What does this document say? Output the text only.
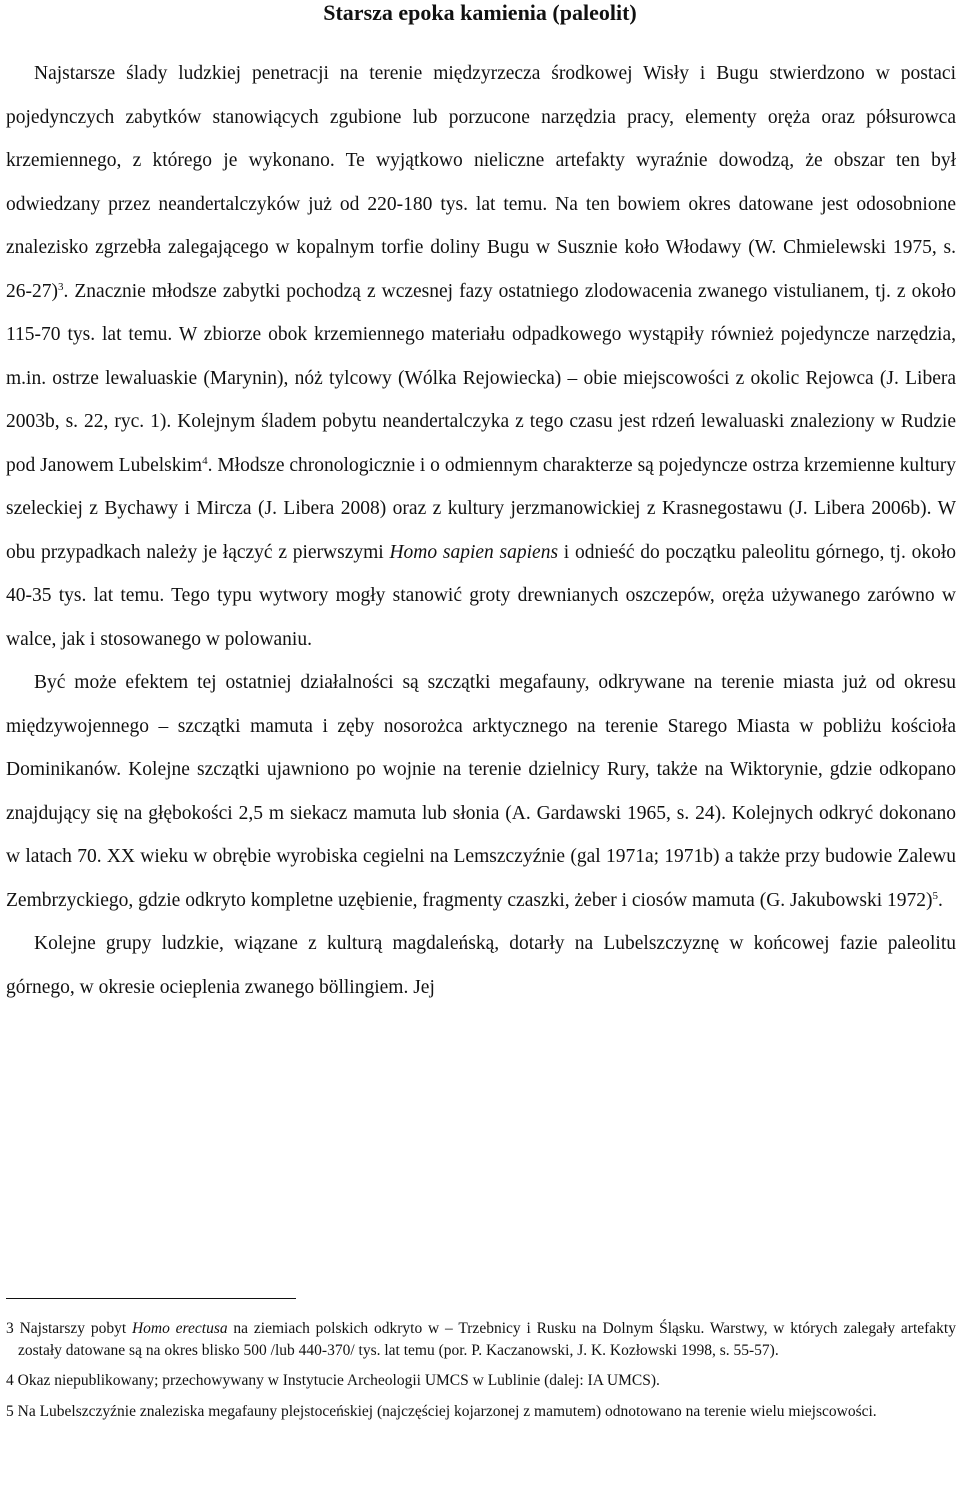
Starsza epoka kamienia (paleolit)

Najstarsze ślady ludzkiej penetracji na terenie międzyrzecza środkowej Wisły i Bugu stwierdzono w postaci pojedynczych zabytków stanowiących zgubione lub porzucone narzędzia pracy, elementy oręża oraz półsurowca krzemiennego, z którego je wykonano. Te wyjątkowo nieliczne artefakty wyraźnie dowodzą, że obszar ten był odwiedzany przez neandertalczyków już od 220-180 tys. lat temu. Na ten bowiem okres datowane jest odosobnione znalezisko zgrzebła zalegającego w kopalnym torfie doliny Bugu w Susznie koło Włodawy (W. Chmielewski 1975, s. 26-27)$^3$. Znacznie młodsze zabytki pochodzą z wczesnej fazy ostatniego zlodowacenia zwanego vistulianem, tj. z około 115-70 tys. lat temu. W zbiorze obok krzemiennego materiału odpadkowego wystąpiły również pojedyncze narzędzia, m.in. ostrze lewaluaskie (Marynin), nóż tylcowy (Wólka Rejowiecka) – obie miejscowości z okolic Rejowca (J. Libera 2003b, s. 22, ryc. 1). Kolejnym śladem pobytu neandertalczyka z tego czasu jest rdzeń lewaluaski znaleziony w Rudzie pod Janowem Lubelskim$^4$. Młodsze chronologicznie i o odmiennym charakterze są pojedyncze ostrza krzemienne kultury szeleckiej z Bychawy i Mircza (J. Libera 2008) oraz z kultury jerzmanowickiej z Krasnegostawu (J. Libera 2006b). W obu przypadkach należy je łączyć z pierwszymi Homo sapien sapiens i odnieść do początku paleolitu górnego, tj. około 40-35 tys. lat temu. Tego typu wytwory mogły stanowić groty drewnianych oszczepów, oręża używanego zarówno w walce, jak i stosowanego w polowaniu.

Być może efektem tej ostatniej działalności są szczątki megafauny, odkrywane na terenie miasta już od okresu międzywojennego – szczątki mamuta i zęby nosorożca arktycznego na terenie Starego Miasta w pobliżu kościoła Dominikanów. Kolejne szczątki ujawniono po wojnie na terenie dzielnicy Rury, także na Wiktorynie, gdzie odkopano znajdujący się na głębokości 2,5 m siekacz mamuta lub słonia (A. Gardawski 1965, s. 24). Kolejnych odkryć dokonano w latach 70. XX wieku w obrębie wyrobiska cegielni na Lemszczyźnie (gal 1971a; 1971b) a także przy budowie Zalewu Zembrzyckiego, gdzie odkryto kompletne uzębienie, fragmenty czaszki, żeber i ciosów mamuta (G. Jakubowski 1972)$^5$.

Kolejne grupy ludzkie, wiązane z kulturą magdaleńską, dotarły na Lubelszczyznę w końcowej fazie paleolitu górnego, w okresie ocieplenia zwanego böllingiem. Jej

3 Najstarszy pobyt Homo erectusa na ziemiach polskich odkryto w – Trzebnicy i Rusku na Dolnym Śląsku. Warstwy, w których zalegały artefakty zostały datowane są na okres blisko 500 /lub 440-370/ tys. lat temu (por. P. Kaczanowski, J. K. Kozłowski 1998, s. 55-57).

4 Okaz niepublikowany; przechowywany w Instytucie Archeologii UMCS w Lublinie (dalej: IA UMCS).

5 Na Lubelszczyźnie znaleziska megafauny plejstoceńskiej (najczęściej kojarzonej z mamutem) odnotowano na terenie wielu miejscowości.
